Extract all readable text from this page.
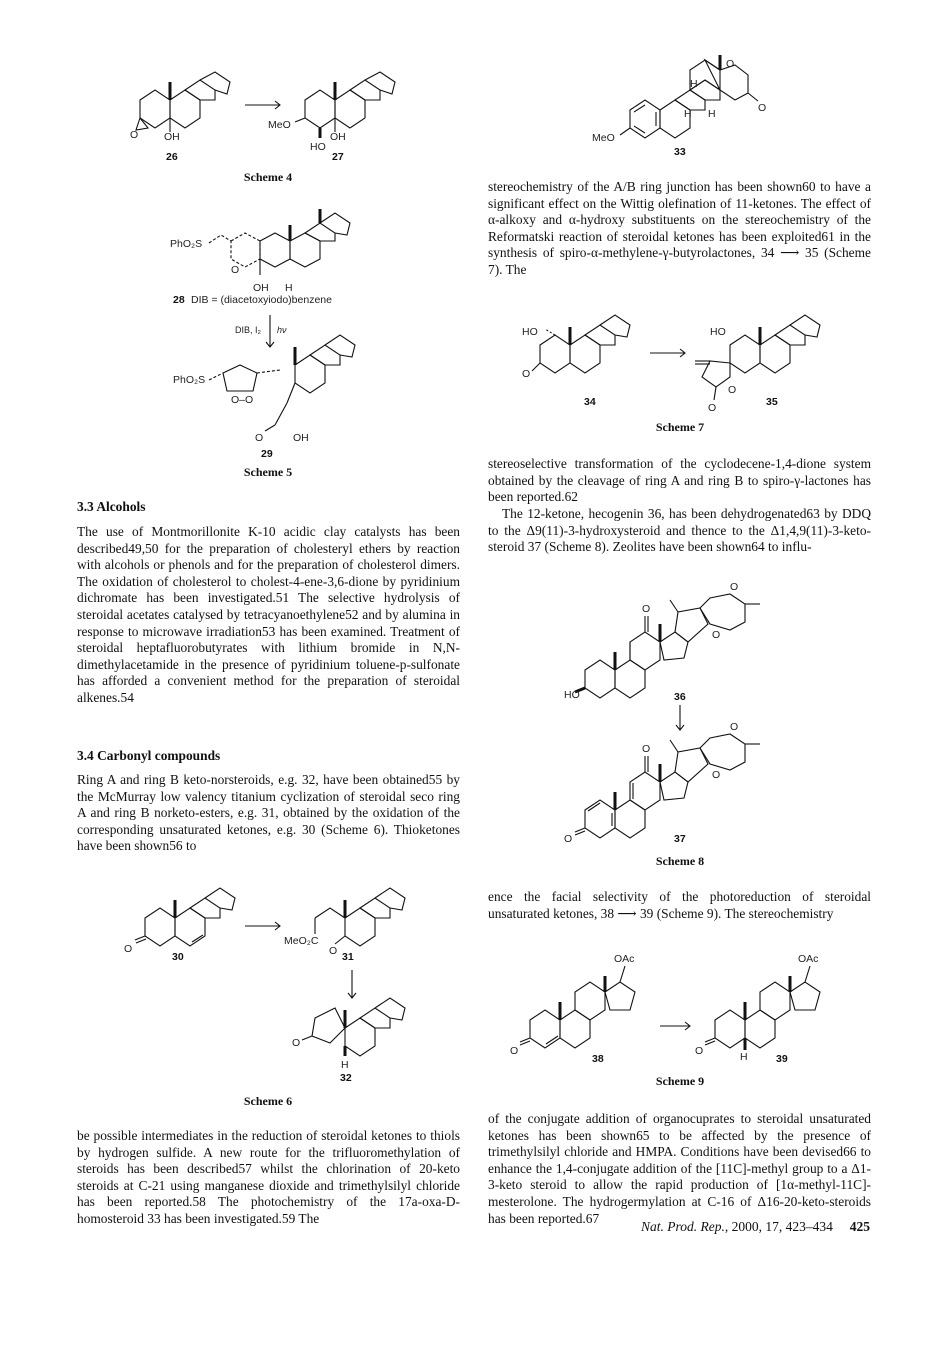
O OH
26
MeO
HO
OH
27
Scheme 4
PhO₂S
O
OH H
28 DIB = (diacetoxyiodo)benzene
DIB, I₂ hν
PhO₂S
O–O
O	OH
29
Scheme 5
3.3 Alcohols

The use of Montmorillonite K-10 acidic clay catalysts has been described49,50 for the preparation of cholesteryl ethers by reaction with alcohols or phenols and for the preparation of cholesterol dimers. The oxidation of cholesterol to cholest-4-ene-3,6-dione by pyridinium dichromate has been investigated.51 The selective hydrolysis of steroidal acetates catalysed by tetracyanoethylene52 and by alumina in response to microwave irradiation53 has been examined. Treatment of steroidal heptafluorobutyrates with lithium bromide in N,N-dimethylacetamide in the presence of pyridinium toluene-p-sulfonate has afforded a convenient method for the preparation of steroidal alkenes.54

3.4 Carbonyl compounds

Ring A and ring B keto-norsteroids, e.g. 32, have been obtained55 by the McMurray low valency titanium cyclization of steroidal seco ring A and ring B norketo-esters, e.g. 31, obtained by the oxidation of the corresponding unsaturated ketones, e.g. 30 (Scheme 6). Thioketones have been shown56 to

O
30
MeO₂C
O 31
O
H
32
Scheme 6

be possible intermediates in the reduction of steroidal ketones to thiols by hydrogen sulfide. A new route for the trifluoromethylation of steroids has been described57 whilst the chlorination of 20-keto steroids at C-21 using manganese dioxide and trimethylsilyl chloride has been reported.58 The photochemistry of the 17a-oxa-D-homosteroid 33 has been investigated.59 The

MeO
H
H H
O
O
33

stereochemistry of the A/B ring junction has been shown60 to have a significant effect on the Wittig olefination of 11-ketones. The effect of α-alkoxy and α-hydroxy substituents on the stereochemistry of the Reformatski reaction of steroidal ketones has been exploited61 in the synthesis of spiro-α-methylene-γ-butyrolactones, 34 ⟶ 35 (Scheme 7). The

HO
O
34
HO
O
O	35
Scheme 7

stereoselective transformation of the cyclodecene-1,4-dione system obtained by the cleavage of ring A and ring B to spiro-γ-lactones has been reported.62

The 12-ketone, hecogenin 36, has been dehydrogenated63 by DDQ to the Δ9(11)-3-hydroxysteroid and thence to the Δ1,4,9(11)-3-keto-steroid 37 (Scheme 8). Zeolites have been shown64 to influ-

HO
O
O
O
36
O
O
O
O	37
Scheme 8

ence the facial selectivity of the photoreduction of steroidal unsaturated ketones, 38 ⟶ 39 (Scheme 9). The stereochemistry

OAc
O
38
OAc
O	H	39
Scheme 9

of the conjugate addition of organocuprates to steroidal unsaturated ketones has been shown65 to be affected by the presence of trimethylsilyl chloride and HMPA. Conditions have been devised66 to enhance the 1,4-conjugate addition of the [11C]-methyl group to a Δ1-3-keto steroid to allow the rapid production of [1α-methyl-11C]-mesterolone. The hydrogermylation at C-16 of Δ16-20-keto-steroids has been reported.67

Nat. Prod. Rep., 2000, 17, 423–434 425
